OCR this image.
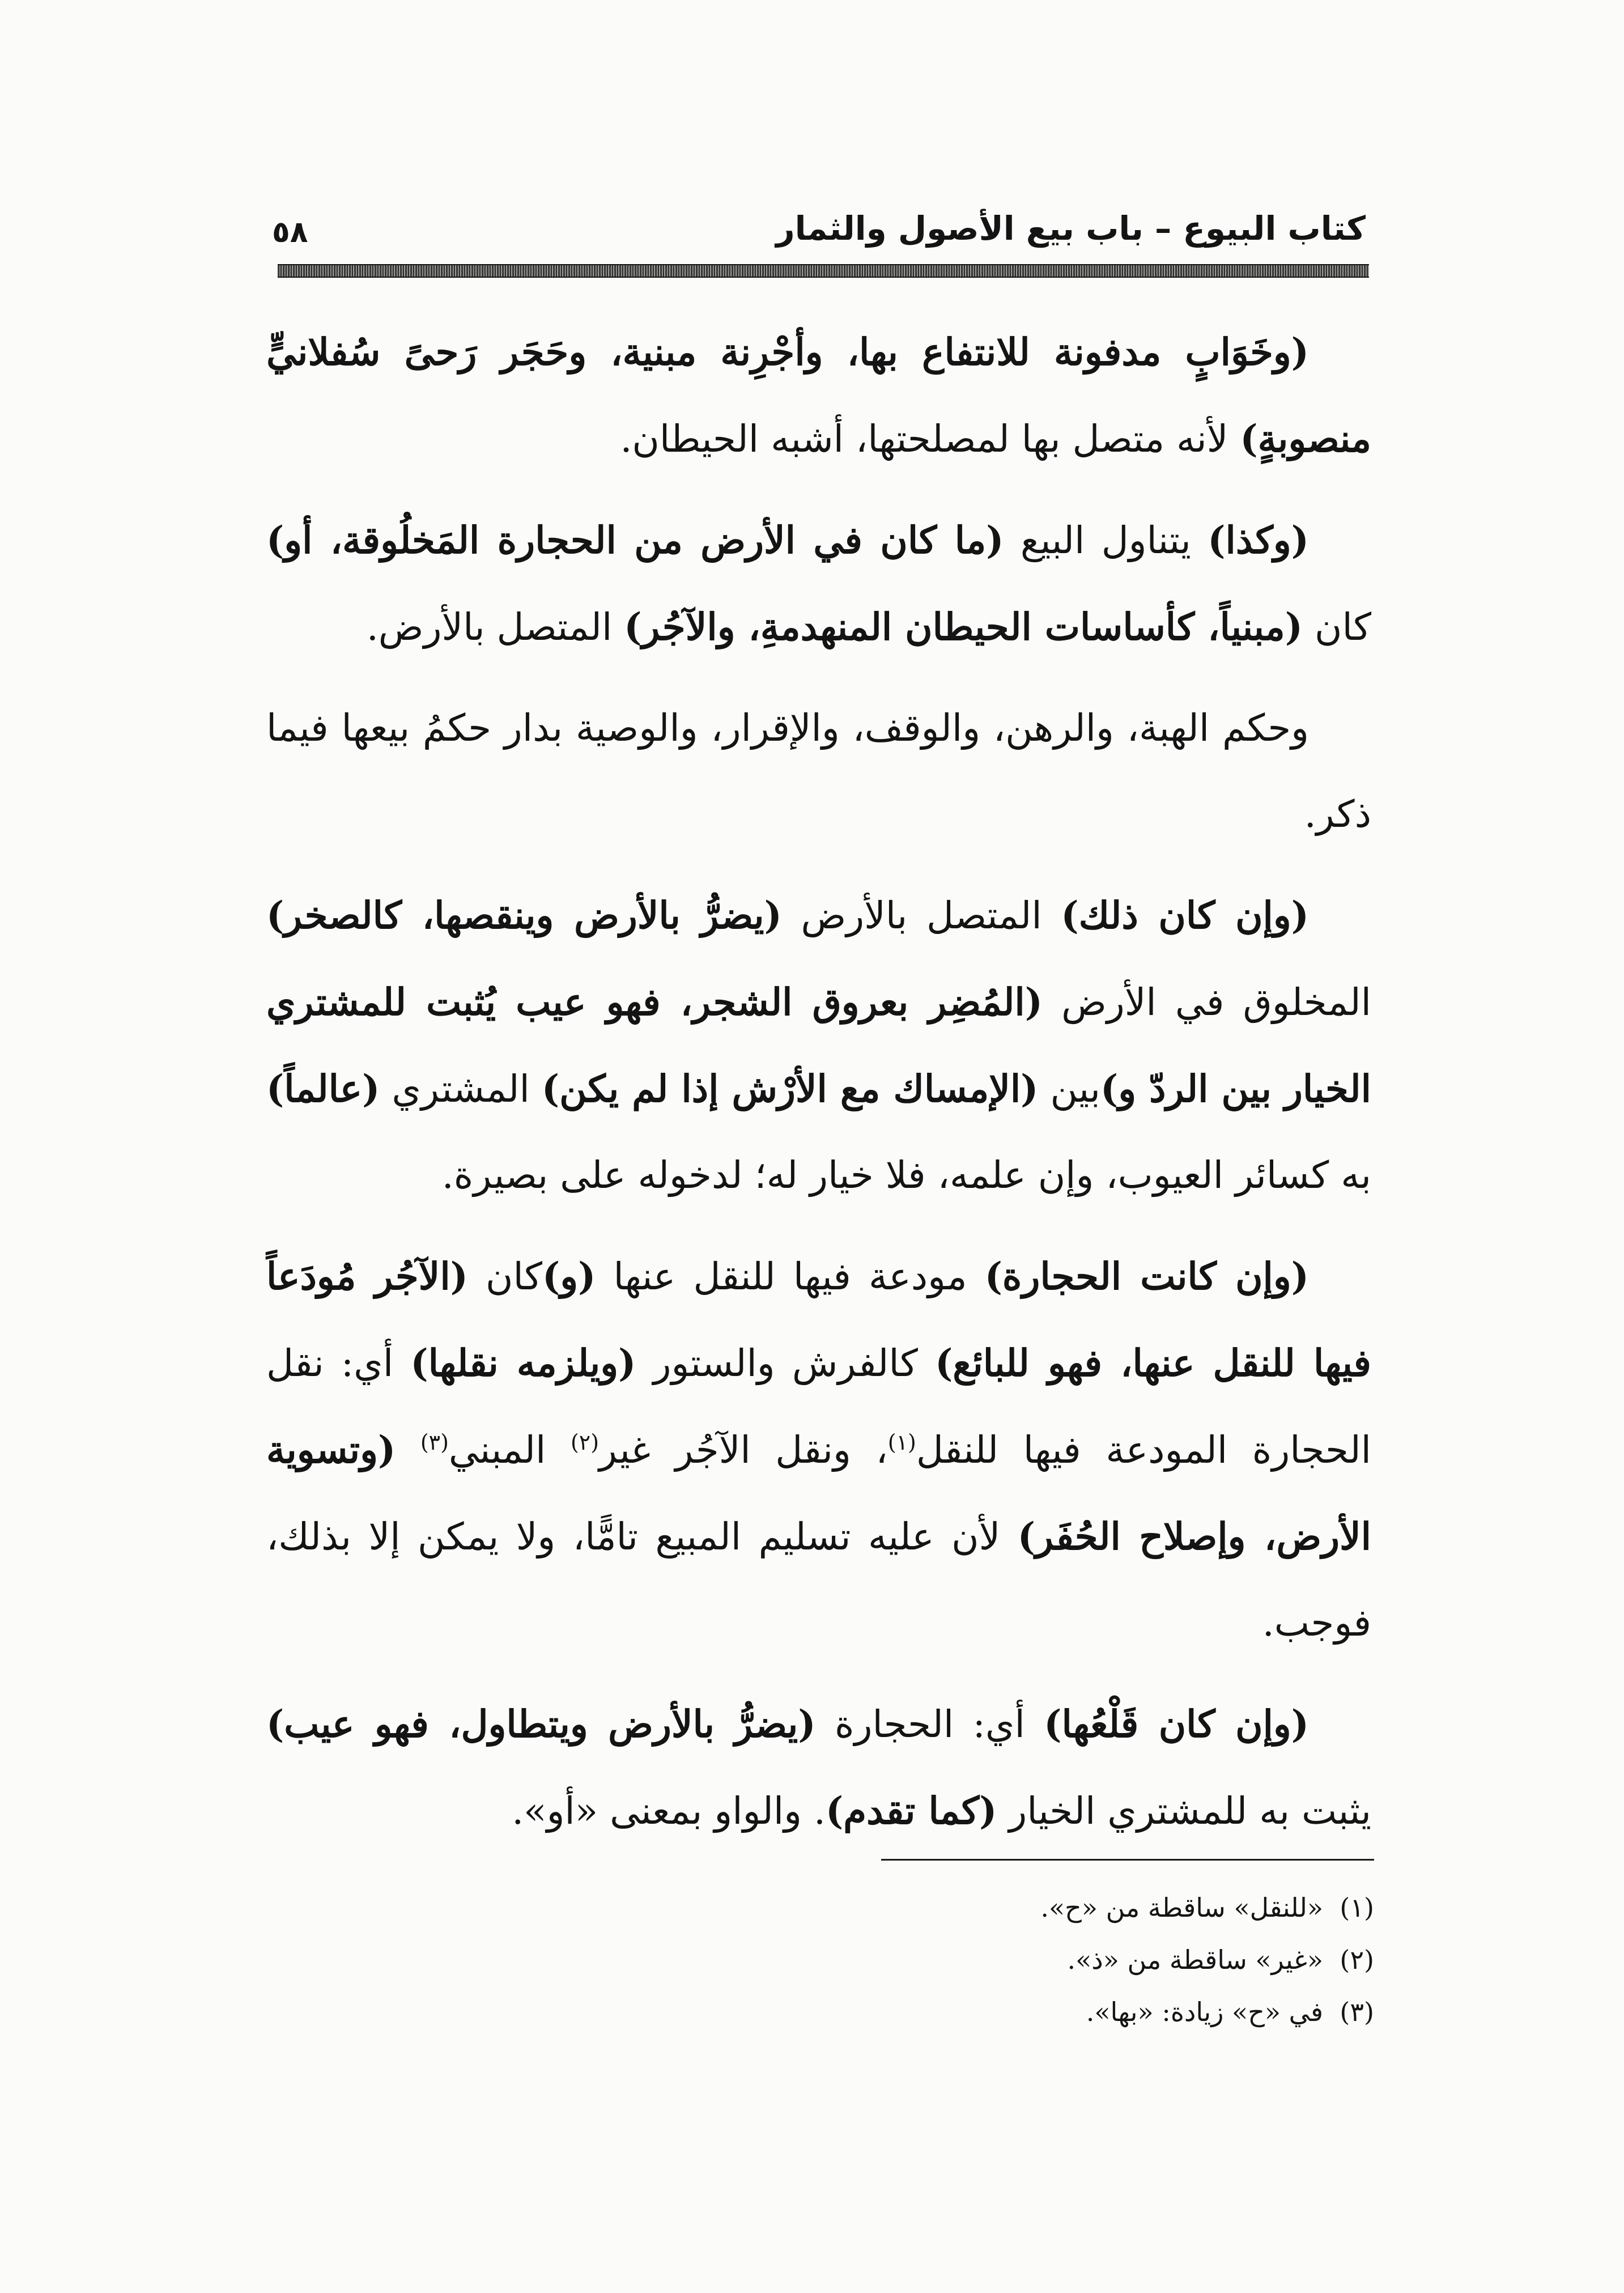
كتاب البيوع – باب بيع الأصول والثمار
٥٨

(وخَوَابٍ مدفونة للانتفاع بها، وأجْرِنة مبنية، وحَجَر رَحىً سُفلانيٍّ منصوبةٍ) لأنه متصل بها لمصلحتها، أشبه الحيطان.

(وكذا) يتناول البيع (ما كان في الأرض من الحجارة المَخلُوقة، أو) كان (مبنياً، كأساسات الحيطان المنهدمةِ، والآجُر) المتصل بالأرض.

وحكم الهبة، والرهن، والوقف، والإقرار، والوصية بدار حكمُ بيعها فيما ذكر.

(وإن كان ذلك) المتصل بالأرض (يضرُّ بالأرض وينقصها، كالصخر) المخلوق في الأرض (المُضِر بعروق الشجر، فهو عيب يُثبت للمشتري الخيار بين الردّ و)بين (الإمساك مع الأرْش إذا لم يكن) المشتري (عالماً) به كسائر العيوب، وإن علمه، فلا خيار له؛ لدخوله على بصيرة.

(وإن كانت الحجارة) مودعة فيها للنقل عنها (و)كان (الآجُر مُودَعاً فيها للنقل عنها، فهو للبائع) كالفرش والستور (ويلزمه نقلها) أي: نقل الحجارة المودعة فيها للنقل$^{(١)}$، ونقل الآجُر غير$^{(٢)}$ المبني$^{(٣)}$ (وتسوية الأرض، وإصلاح الحُفَر) لأن عليه تسليم المبيع تامًّا، ولا يمكن إلا بذلك، فوجب.

(وإن كان قَلْعُها) أي: الحجارة (يضرُّ بالأرض ويتطاول، فهو عيب) يثبت به للمشتري الخيار (كما تقدم). والواو بمعنى «أو».

(١)«للنقل» ساقطة من «ح».
(٢)«غير» ساقطة من «ذ».
(٣)في «ح» زيادة: «بها».
